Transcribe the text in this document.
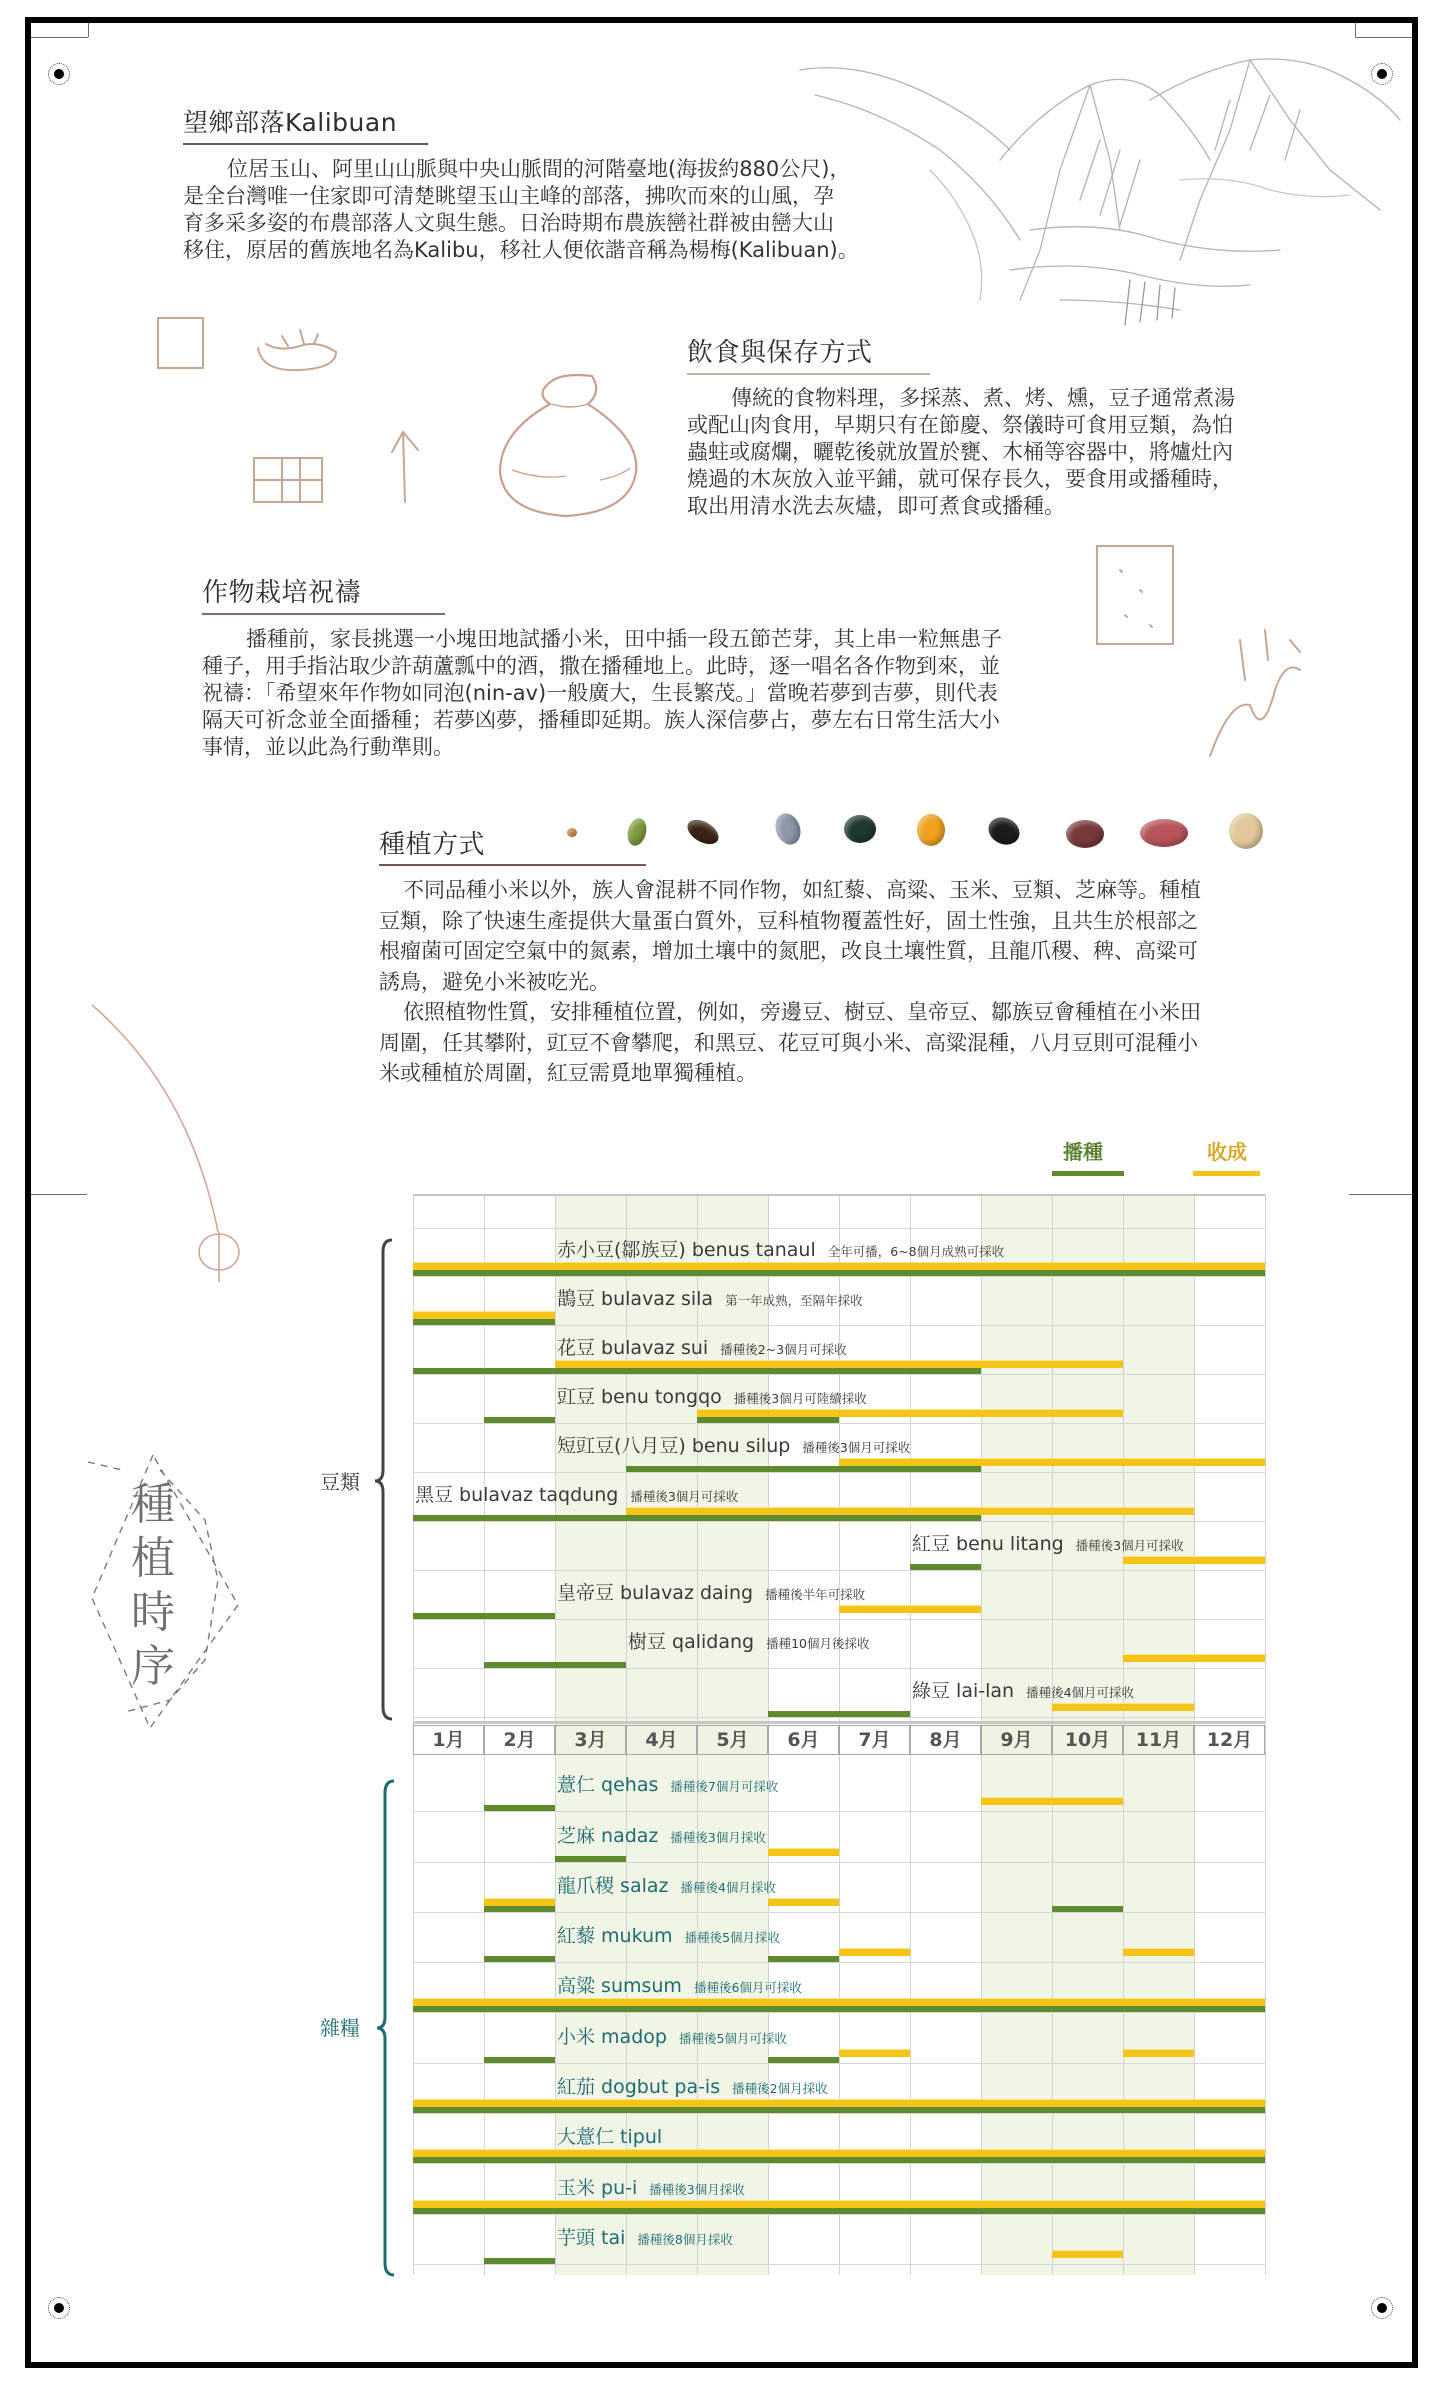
望鄉部落Kalibuan
位居玉山、阿里山山脈與中央山脈間的河階臺地(海拔約880公尺)，
是全台灣唯一住家即可清楚眺望玉山主峰的部落，拂吹而來的山風，孕
育多采多姿的布農部落人文與生態。日治時期布農族巒社群被由巒大山
移住，原居的舊族地名為Kalibu，移社人便依諧音稱為楊梅(Kalibuan)。
飲食與保存方式
傳統的食物料理，多採蒸、煮、烤、燻，豆子通常煮湯
或配山肉食用，早期只有在節慶、祭儀時可食用豆類，為怕
蟲蛀或腐爛，曬乾後就放置於甕、木桶等容器中，將爐灶內
燒過的木灰放入並平鋪，就可保存長久，要食用或播種時，
取出用清水洗去灰燼，即可煮食或播種。
作物栽培祝禱
播種前，家長挑選一小塊田地試播小米，田中插一段五節芒芽，其上串一粒無患子
種子，用手指沾取少許葫蘆瓢中的酒，撒在播種地上。此時，逐一唱名各作物到來，並
祝禱：「希望來年作物如同泡(nin-av)一般廣大，生長繁茂。」當晚若夢到吉夢，則代表
隔天可祈念並全面播種；若夢凶夢，播種即延期。族人深信夢占，夢左右日常生活大小
事情，並以此為行動準則。
種植方式
不同品種小米以外，族人會混耕不同作物，如紅藜、高粱、玉米、豆類、芝麻等。種植
豆類，除了快速生產提供大量蛋白質外，豆科植物覆蓋性好，固土性強，且共生於根部之
根瘤菌可固定空氣中的氮素，增加土壤中的氮肥，改良土壤性質，且龍爪稷、稗、高粱可
誘鳥，避免小米被吃光。
依照植物性質，安排種植位置，例如，旁邊豆、樹豆、皇帝豆、鄒族豆會種植在小米田
周圍，任其攀附，豇豆不會攀爬，和黑豆、花豆可與小米、高粱混種，八月豆則可混種小
米或種植於周圍，紅豆需覓地單獨種植。
種
植
時
序
豆類
雜糧
播種	收成
赤小豆(鄒族豆) benus tanaul 全年可播，6~8個月成熟可採收
鵲豆 bulavaz sila 第一年成熟，至隔年採收
花豆 bulavaz sui 播種後2~3個月可採收
豇豆 benu tongqo 播種後3個月可陸續採收
短豇豆(八月豆) benu silup 播種後3個月可採收
黑豆 bulavaz taqdung 播種後3個月可採收
紅豆 benu litang 播種後3個月可採收
皇帝豆 bulavaz daing 播種後半年可採收
樹豆 qalidang 播種10個月後採收
綠豆 lai-lan 播種後4個月可採收
1月	2月	3月	4月	5月	6月	7月	8月	9月	10月	11月	12月
薏仁 qehas 播種後7個月可採收
芝麻 nadaz 播種後3個月採收
龍爪稷 salaz 播種後4個月採收
紅藜 mukum 播種後5個月採收
高粱 sumsum 播種後6個月可採收
小米 madop 播種後5個月可採收
紅茄 dogbut pa-is 播種後2個月採收
大薏仁 tipul
玉米 pu-i 播種後3個月採收
芋頭 tai 播種後8個月採收
